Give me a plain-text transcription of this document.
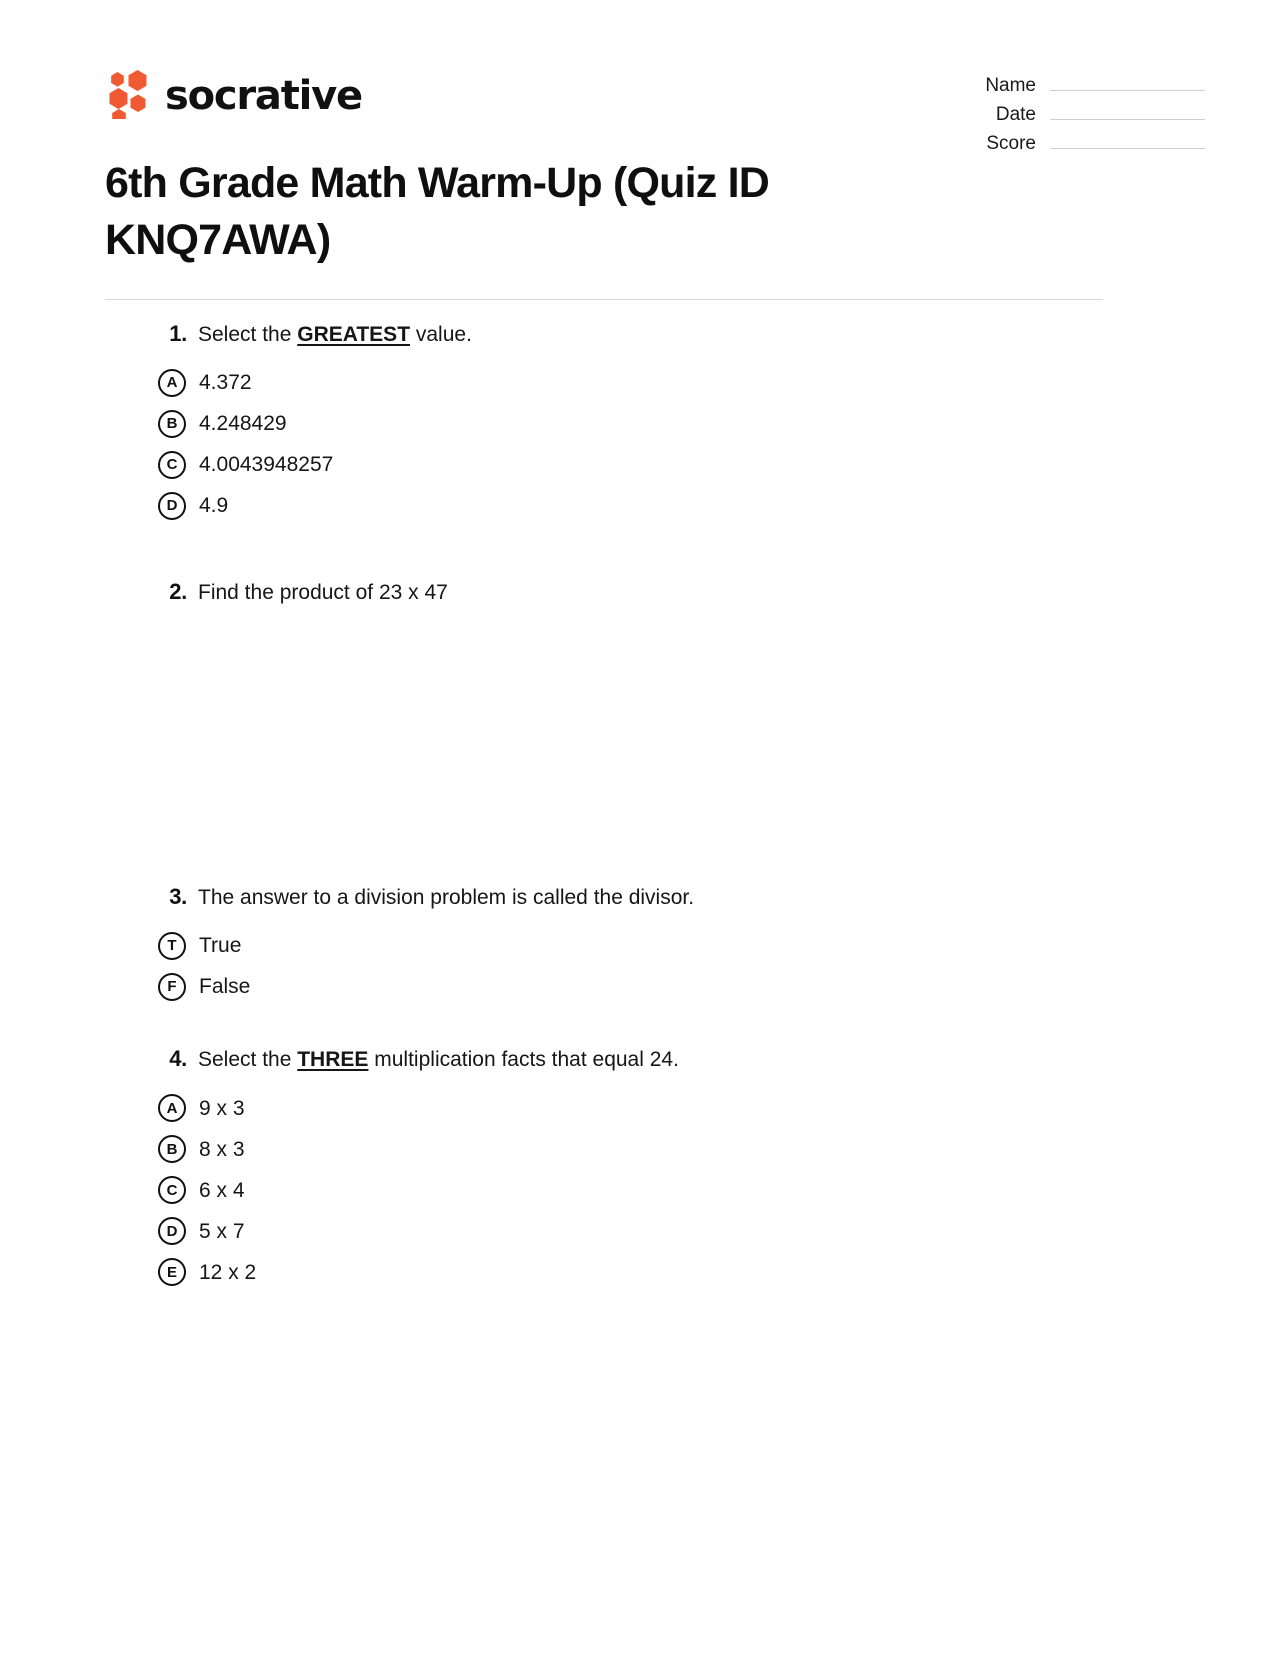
socrative	Name
Date
Score
6th Grade Math Warm-Up (Quiz ID KNQ7AWA)
1. Select the GREATEST value.
A	4.372
B	4.248429
C	4.0043948257
D	4.9
2. Find the product of 23 x 47
3. The answer to a division problem is called the divisor.
T	True
F	False
4. Select the THREE multiplication facts that equal 24.
A	9 x 3
B	8 x 3
C	6 x 4
D	5 x 7
E	12 x 2
